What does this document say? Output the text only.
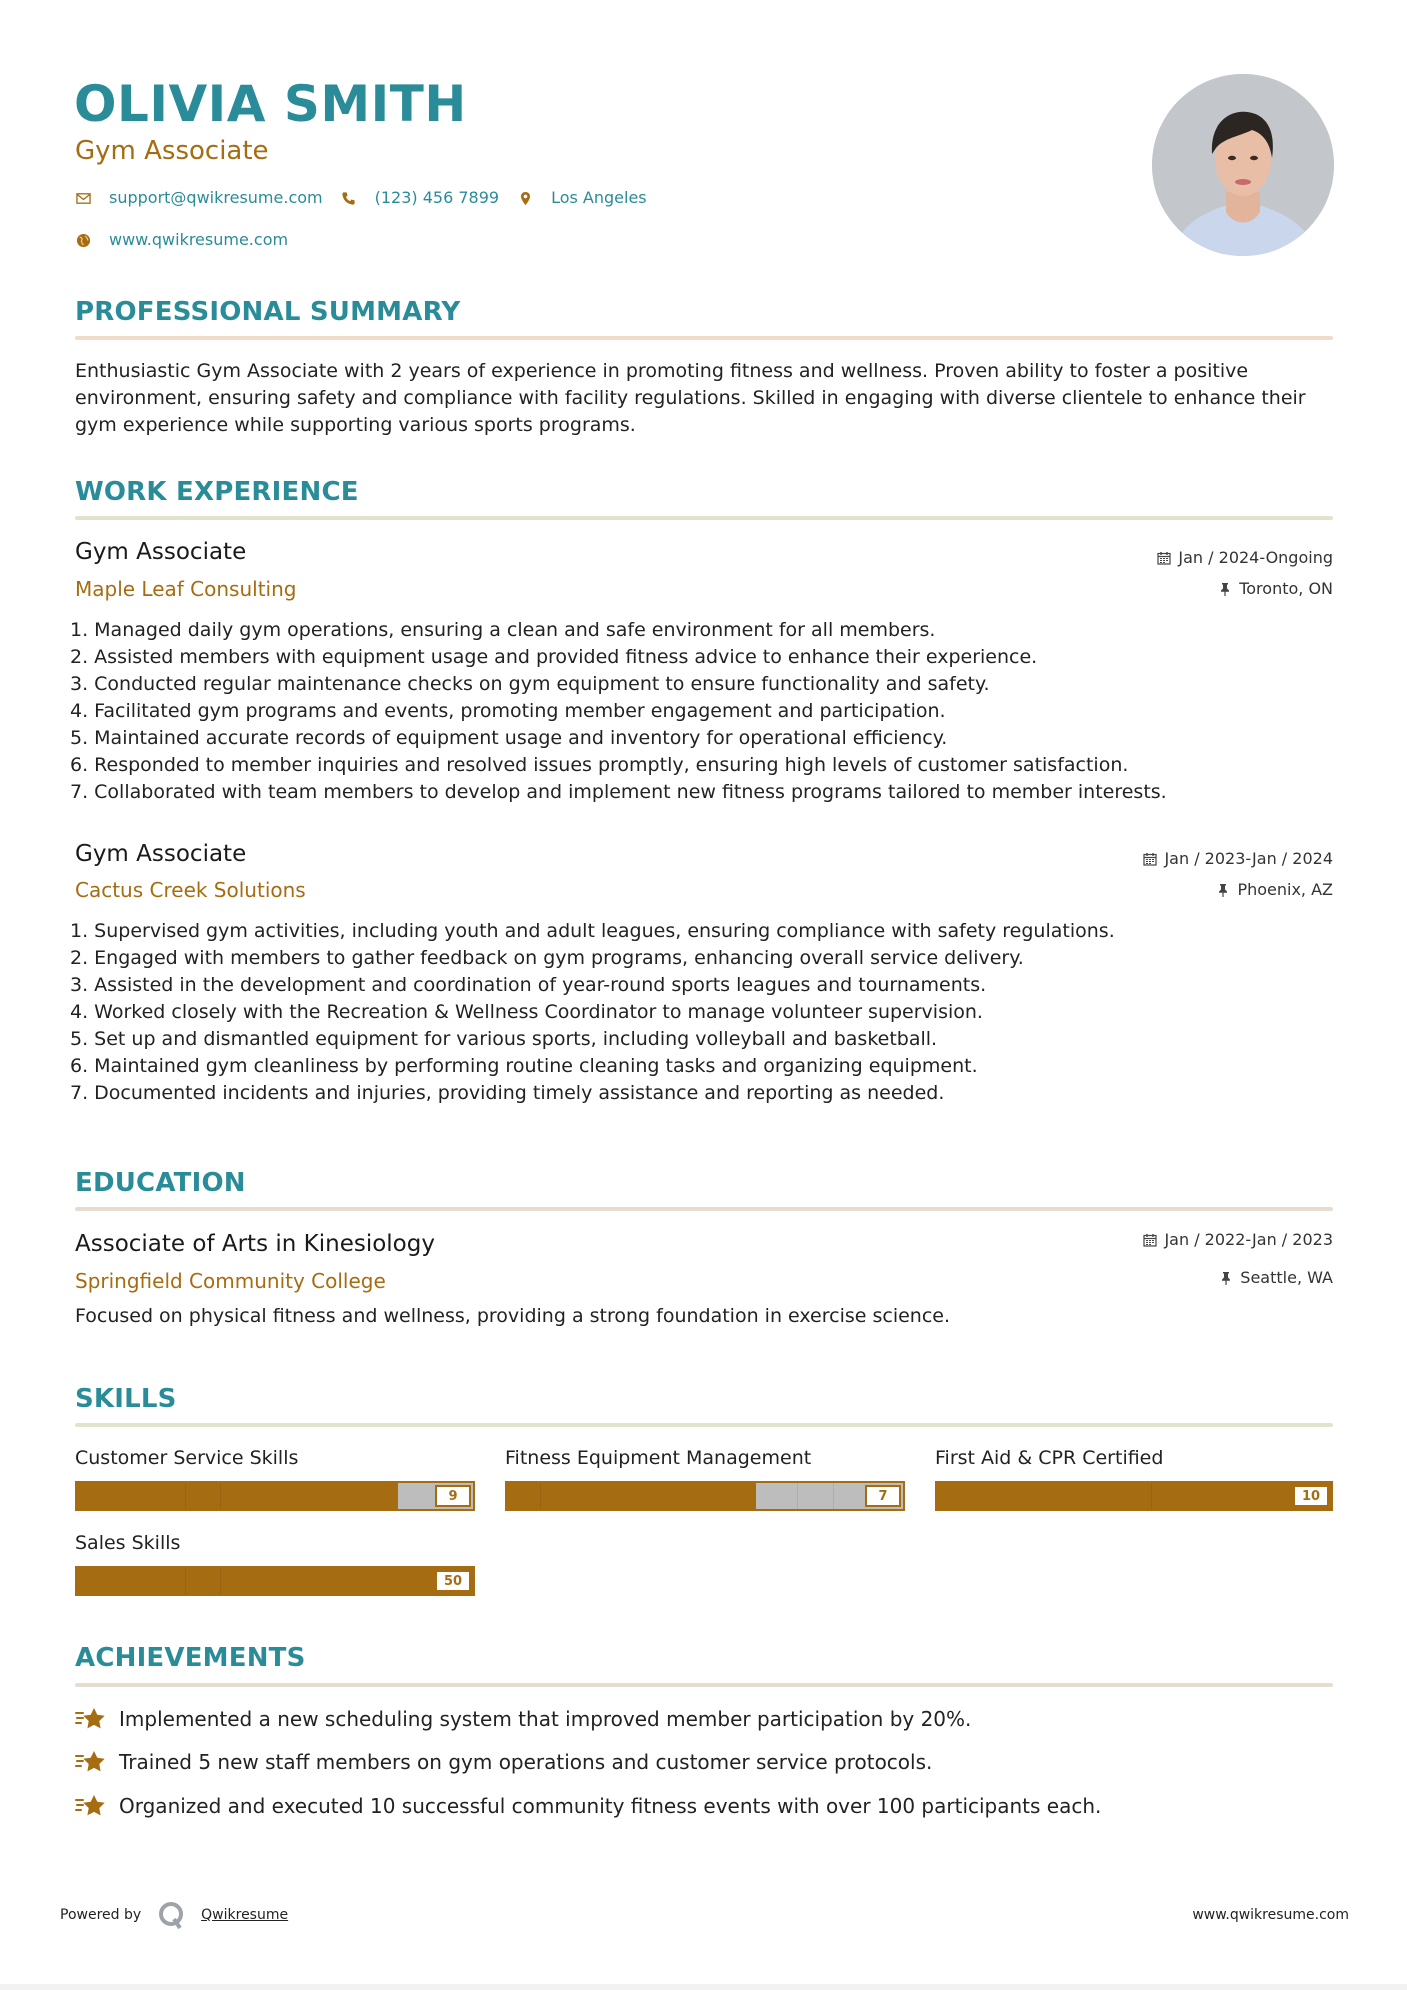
OLIVIA SMITH
Gym Associate
support@qwikresume.com	(123) 456 7899	Los Angeles
www.qwikresume.com
PROFESSIONAL SUMMARY
Enthusiastic Gym Associate with 2 years of experience in promoting fitness and wellness. Proven ability to foster a positive environment, ensuring safety and compliance with facility regulations. Skilled in engaging with diverse clientele to enhance their gym experience while supporting various sports programs.
WORK EXPERIENCE
Gym Associate	Jan / 2024-Ongoing
Maple Leaf Consulting	Toronto, ON
1. Managed daily gym operations, ensuring a clean and safe environment for all members.
2. Assisted members with equipment usage and provided fitness advice to enhance their experience.
3. Conducted regular maintenance checks on gym equipment to ensure functionality and safety.
4. Facilitated gym programs and events, promoting member engagement and participation.
5. Maintained accurate records of equipment usage and inventory for operational efficiency.
6. Responded to member inquiries and resolved issues promptly, ensuring high levels of customer satisfaction.
7. Collaborated with team members to develop and implement new fitness programs tailored to member interests.
Gym Associate	Jan / 2023-Jan / 2024
Cactus Creek Solutions	Phoenix, AZ
1. Supervised gym activities, including youth and adult leagues, ensuring compliance with safety regulations.
2. Engaged with members to gather feedback on gym programs, enhancing overall service delivery.
3. Assisted in the development and coordination of year-round sports leagues and tournaments.
4. Worked closely with the Recreation & Wellness Coordinator to manage volunteer supervision.
5. Set up and dismantled equipment for various sports, including volleyball and basketball.
6. Maintained gym cleanliness by performing routine cleaning tasks and organizing equipment.
7. Documented incidents and injuries, providing timely assistance and reporting as needed.
EDUCATION
Associate of Arts in Kinesiology	Jan / 2022-Jan / 2023
Springfield Community College	Seattle, WA
Focused on physical fitness and wellness, providing a strong foundation in exercise science.
SKILLS
Customer Service Skills
9
Fitness Equipment Management
7
First Aid & CPR Certified
10
Sales Skills
50
ACHIEVEMENTS
Implemented a new scheduling system that improved member participation by 20%.
Trained 5 new staff members on gym operations and customer service protocols.
Organized and executed 10 successful community fitness events with over 100 participants each.
Powered by	Qwikresume	www.qwikresume.com
